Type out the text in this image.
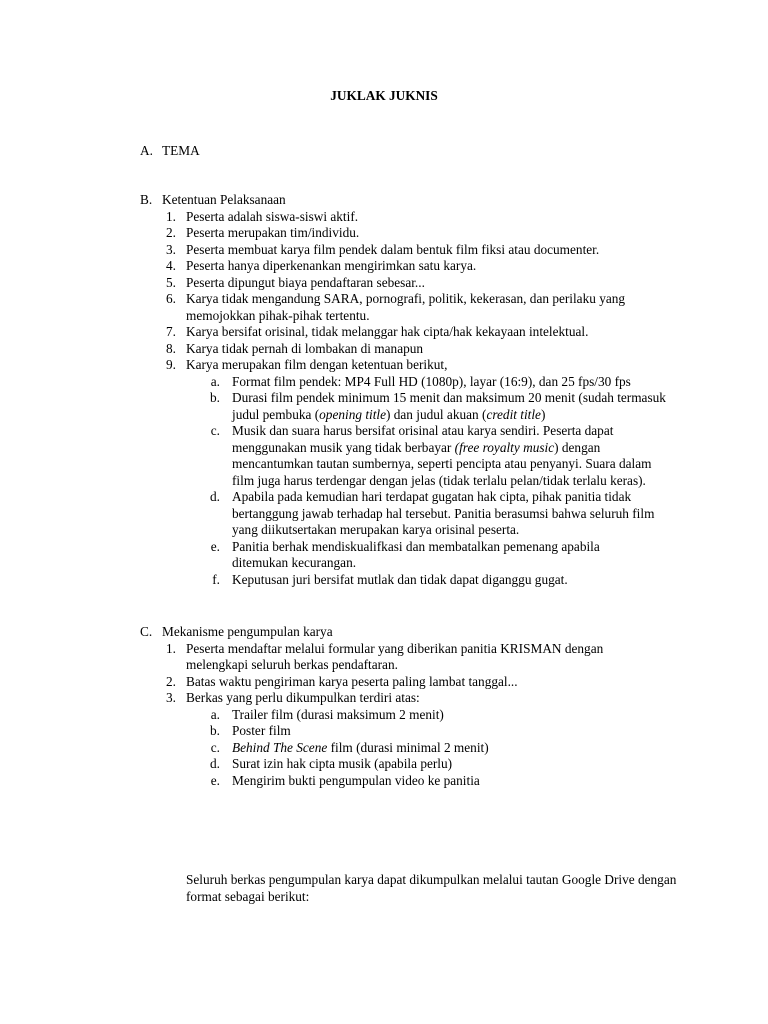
JUKLAK JUKNIS
A. TEMA
B. Ketentuan Pelaksanaan
1. Peserta adalah siswa-siswi aktif.
2. Peserta merupakan tim/individu.
3. Peserta membuat karya film pendek dalam bentuk film fiksi atau documenter.
4. Peserta hanya diperkenankan mengirimkan satu karya.
5. Peserta dipungut biaya pendaftaran sebesar...
6. Karya tidak mengandung SARA, pornografi, politik, kekerasan, dan perilaku yang memojokkan pihak-pihak tertentu.
7. Karya bersifat orisinal, tidak melanggar hak cipta/hak kekayaan intelektual.
8. Karya tidak pernah di lombakan di manapun
9. Karya merupakan film dengan ketentuan berikut,
a. Format film pendek: MP4 Full HD (1080p), layar (16:9), dan 25 fps/30 fps
b. Durasi film pendek minimum 15 menit dan maksimum 20 menit (sudah termasuk judul pembuka (opening title) dan judul akuan (credit title)
c. Musik dan suara harus bersifat orisinal atau karya sendiri. Peserta dapat menggunakan musik yang tidak berbayar (free royalty music) dengan mencantumkan tautan sumbernya, seperti pencipta atau penyanyi. Suara dalam film juga harus terdengar dengan jelas (tidak terlalu pelan/tidak terlalu keras).
d. Apabila pada kemudian hari terdapat gugatan hak cipta, pihak panitia tidak bertanggung jawab terhadap hal tersebut. Panitia berasumsi bahwa seluruh film yang diikutsertakan merupakan karya orisinal peserta.
e. Panitia berhak mendiskualifkasi dan membatalkan pemenang apabila ditemukan kecurangan.
f. Keputusan juri bersifat mutlak dan tidak dapat diganggu gugat.
C. Mekanisme pengumpulan karya
1. Peserta mendaftar melalui formular yang diberikan panitia KRISMAN dengan melengkapi seluruh berkas pendaftaran.
2. Batas waktu pengiriman karya peserta paling lambat tanggal...
3. Berkas yang perlu dikumpulkan terdiri atas:
a. Trailer film (durasi maksimum 2 menit)
b. Poster film
c. Behind The Scene film (durasi minimal 2 menit)
d. Surat izin hak cipta musik (apabila perlu)
e. Mengirim bukti pengumpulan video ke panitia
Seluruh berkas pengumpulan karya dapat dikumpulkan melalui tautan Google Drive dengan format sebagai berikut:
